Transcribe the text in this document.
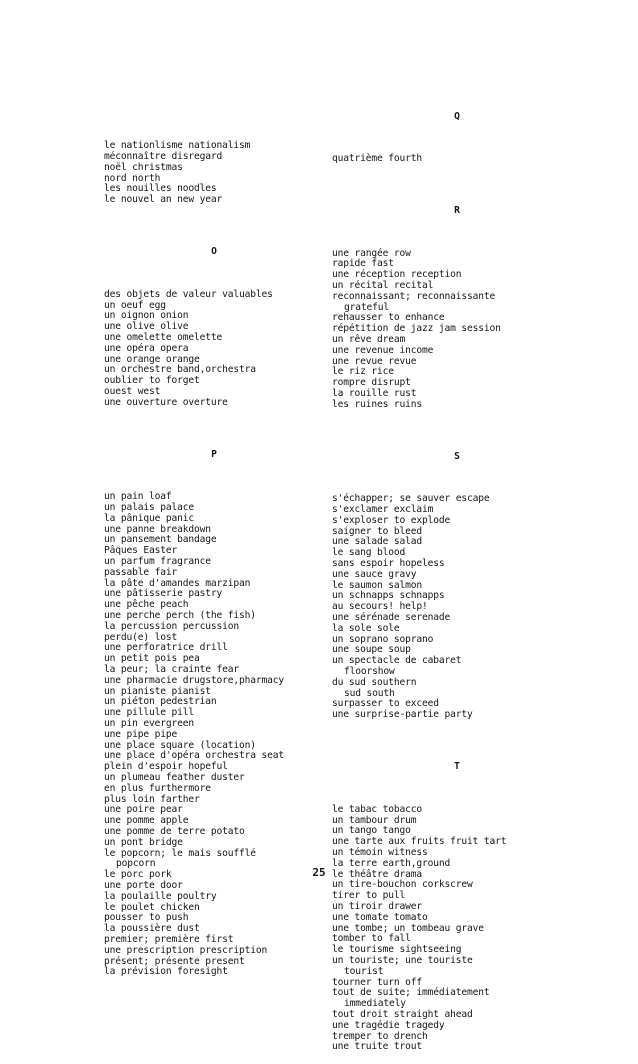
le nationlisme nationalism
méconnaître disregard
noël christmas
nord north
les nouilles noodles
le nouvel an new year

O

des objets de valeur valuables
un oeuf egg
un oignon onion
une olive olive
une omelette omelette
une opéra opera
une orange orange
un orchestre band,orchestra
oublier to forget
ouest west
une ouverture overture

P

un pain loaf
un palais palace
la pânique panic
une panne breakdown
un pansement bandage
Pâques Easter
un parfum fragrance
passable fair
la pâte d'amandes marzipan
une pâtisserie pastry
une pêche peach
une perche perch (the fish)
la percussion percussion
perdu(e) lost
une perforatrice drill
un petit pois pea
la peur; la crainte fear
une pharmacie drugstore,pharmacy
un pianiste pianist
un piéton pedestrian
une pillule pill
un pin evergreen
une pipe pipe
une place square (location)
une place d'opéra orchestra seat
plein d'espoir hopeful
un plumeau feather duster
en plus furthermore
plus loin farther
une poire pear
une pomme apple
une pomme de terre potato
un pont bridge
le popcorn; le mais soufflé
popcorn
le porc pork
une porte door
la poulaille poultry
le poulet chicken
pousser to push
la poussière dust
premier; première first
une prescription prescription
présent; présente present
la prévision foresight

Q

quatrième fourth

R

une rangée row
rapide fast
une réception reception
un récital recital
reconnaissant; reconnaissante
grateful
rehausser to enhance
répétition de jazz jam session
un rêve dream
une revenue income
une revue revue
le riz rice
rompre disrupt
la rouille rust
les ruines ruins

S

s'échapper; se sauver escape
s'exclamer exclaim
s'exploser to explode
saigner to bleed
une salade salad
le sang blood
sans espoir hopeless
une sauce gravy
le saumon salmon
un schnapps schnapps
au secours! help!
une sérénade serenade
la sole sole
un soprano soprano
une soupe soup
un spectacle de cabaret
floorshow
du sud southern
sud south
surpasser to exceed
une surprise-partie party

T

le tabac tobacco
un tambour drum
un tango tango
une tarte aux fruits fruit tart
un témoin witness
la terre earth,ground
le théâtre drama
un tire-bouchon corkscrew
tirer to pull
un tiroir drawer
une tomate tomato
une tombe; un tombeau grave
tomber to fall
le tourisme sightseeing
un touriste; une touriste
tourist
tourner turn off
tout de suite; immédiatement
immediately
tout droit straight ahead
une tragédie tragedy
tremper to drench
une truite trout

25
